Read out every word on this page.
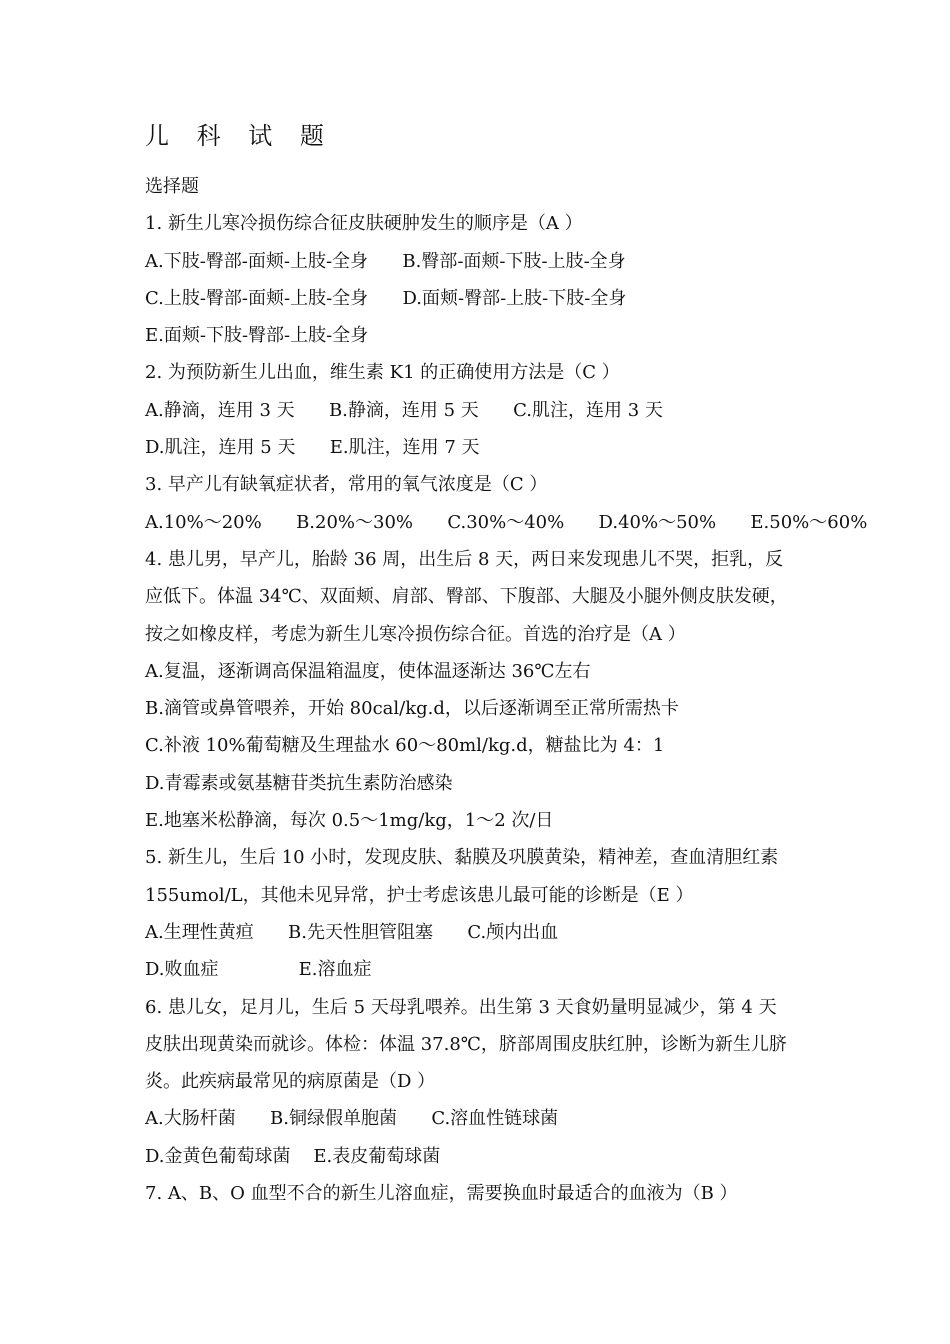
儿 科 试 题
选择题
1. 新生儿寒冷损伤综合征皮肤硬肿发生的顺序是（A ）
A.下肢-臀部-面颊-上肢-全身      B.臀部-面颊-下肢-上肢-全身
C.上肢-臀部-面颊-上肢-全身      D.面颊-臀部-上肢-下肢-全身
E.面颊-下肢-臀部-上肢-全身
2. 为预防新生儿出血，维生素 K1 的正确使用方法是（C ）
A.静滴，连用 3 天      B.静滴，连用 5 天      C.肌注，连用 3 天
D.肌注，连用 5 天      E.肌注，连用 7 天
3. 早产儿有缺氧症状者，常用的氧气浓度是（C ）
A.10%～20%      B.20%～30%      C.30%～40%      D.40%～50%      E.50%～60%
4. 患儿男，早产儿，胎龄 36 周，出生后 8 天，两日来发现患儿不哭，拒乳，反
应低下。体温 34℃、双面颊、肩部、臀部、下腹部、大腿及小腿外侧皮肤发硬，
按之如橡皮样，考虑为新生儿寒冷损伤综合征。首选的治疗是（A ）
A.复温，逐渐调高保温箱温度，使体温逐渐达 36℃左右
B.滴管或鼻管喂养，开始 80cal/kg.d，以后逐渐调至正常所需热卡
C.补液 10%葡萄糖及生理盐水 60～80ml/kg.d，糖盐比为 4：1
D.青霉素或氨基糖苷类抗生素防治感染
E.地塞米松静滴，每次 0.5～1mg/kg，1～2 次/日
5. 新生儿，生后 10 小时，发现皮肤、黏膜及巩膜黄染，精神差，查血清胆红素
155umol/L，其他未见异常，护士考虑该患儿最可能的诊断是（E ）
A.生理性黄疸      B.先天性胆管阻塞      C.颅内出血
D.败血症              E.溶血症
6. 患儿女，足月儿，生后 5 天母乳喂养。出生第 3 天食奶量明显减少，第 4 天
皮肤出现黄染而就诊。体检：体温 37.8℃，脐部周围皮肤红肿，诊断为新生儿脐
炎。此疾病最常见的病原菌是（D ）
A.大肠杆菌      B.铜绿假单胞菌      C.溶血性链球菌
D.金黄色葡萄球菌    E.表皮葡萄球菌
7. A、B、O 血型不合的新生儿溶血症，需要换血时最适合的血液为（B ）
